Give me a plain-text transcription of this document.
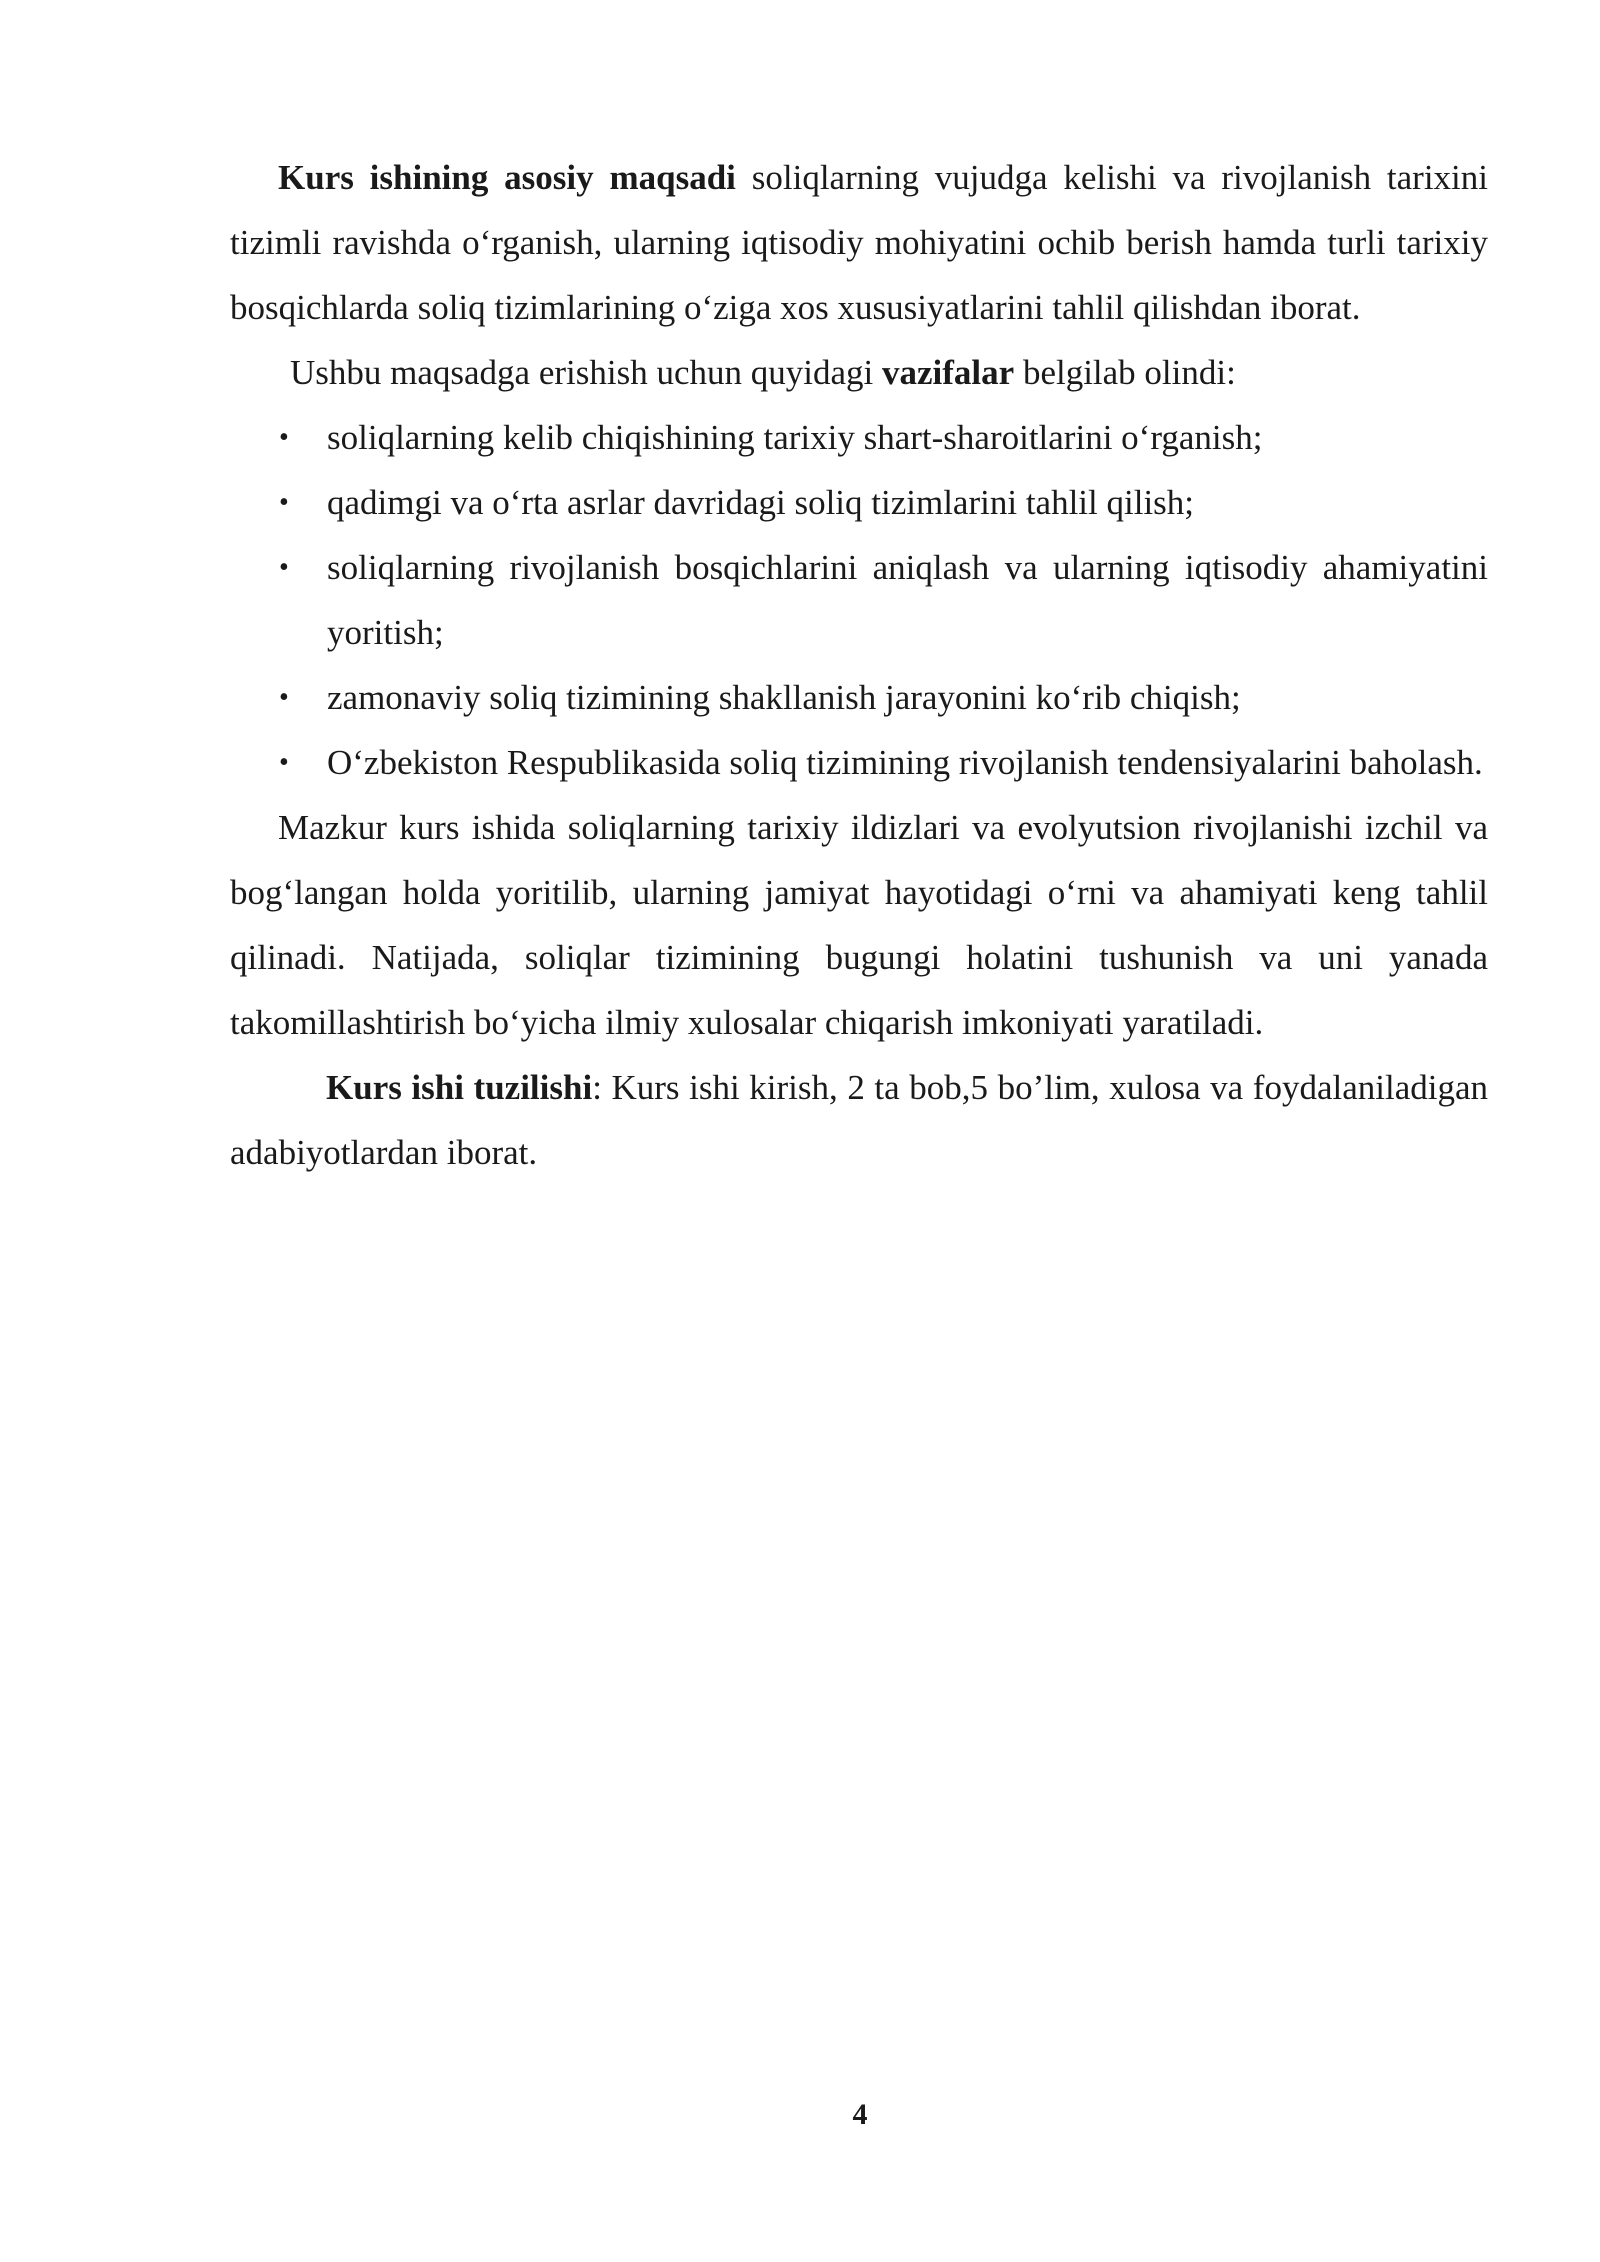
Kurs ishining asosiy maqsadi soliqlarning vujudga kelishi va rivojlanish tarixini tizimli ravishda o‘rganish, ularning iqtisodiy mohiyatini ochib berish hamda turli tarixiy bosqichlarda soliq tizimlarining o‘ziga xos xususiyatlarini tahlil qilishdan iborat.

Ushbu maqsadga erishish uchun quyidagi vazifalar belgilab olindi:

• soliqlarning kelib chiqishining tarixiy shart-sharoitlarini o‘rganish;
• qadimgi va o‘rta asrlar davridagi soliq tizimlarini tahlil qilish;
• soliqlarning rivojlanish bosqichlarini aniqlash va ularning iqtisodiy ahamiyatini yoritish;
• zamonaviy soliq tizimining shakllanish jarayonini ko‘rib chiqish;
• O‘zbekiston Respublikasida soliq tizimining rivojlanish tendensiyalarini baholash.

Mazkur kurs ishida soliqlarning tarixiy ildizlari va evolyutsion rivojlanishi izchil va bog‘langan holda yoritilib, ularning jamiyat hayotidagi o‘rni va ahamiyati keng tahlil qilinadi. Natijada, soliqlar tizimining bugungi holatini tushunish va uni yanada takomillashtirish bo‘yicha ilmiy xulosalar chiqarish imkoniyati yaratiladi.

Kurs ishi tuzilishi: Kurs ishi kirish, 2 ta bob,5 bo’lim, xulosa va foydalaniladigan adabiyotlardan iborat.

4
